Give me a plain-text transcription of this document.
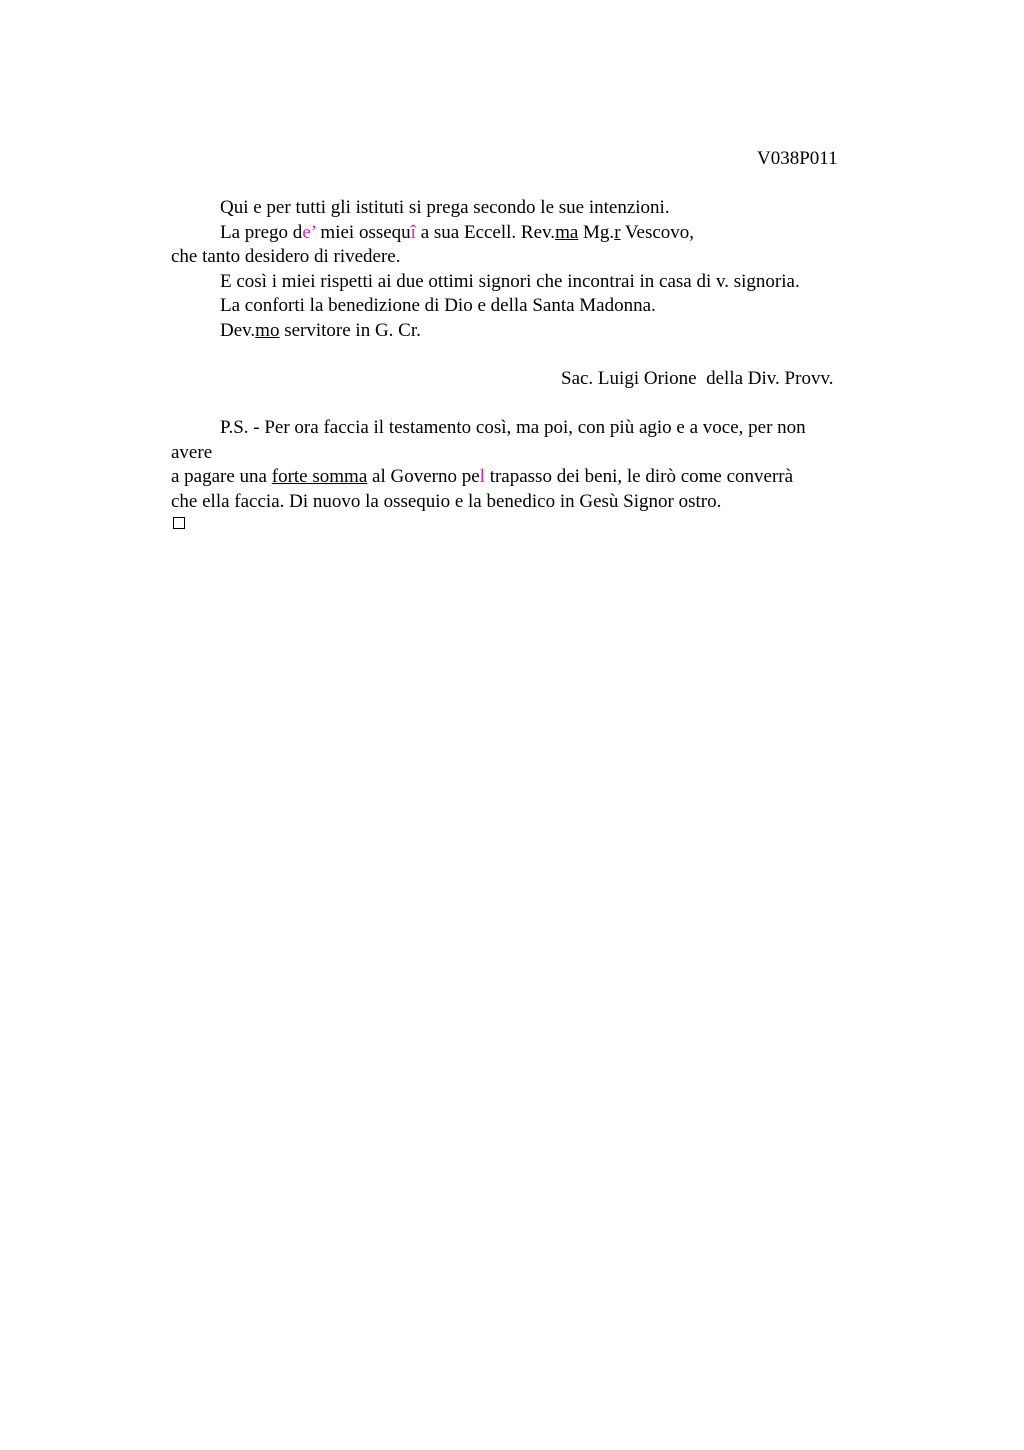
V038P011
Qui e per tutti gli istituti si prega secondo le sue intenzioni.
La prego de’ miei ossequî a sua Eccell. Rev.ma Mg.r Vescovo,
che tanto desidero di rivedere.
E così i miei rispetti ai due ottimi signori che incontrai in casa di v. signoria.
La conforti la benedizione di Dio e della Santa Madonna.
Dev.mo servitore in G. Cr.
Sac. Luigi Orione  della Div. Provv.
P.S. - Per ora faccia il testamento così, ma poi, con più agio e a voce, per non
avere
a pagare una forte somma al Governo pel trapasso dei beni, le dirò come converrà
che ella faccia. Di nuovo la ossequio e la benedico in Gesù Signor ostro.
